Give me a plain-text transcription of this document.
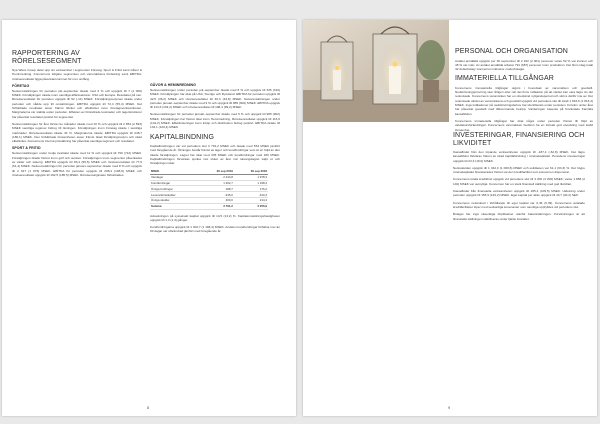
RAPPORTERING AV RÖRELSESEGMENT
Nya Wave Group delar upp sin verksamhet i segmenten Företag, Sport & Fritid samt Gåvor & Heminredning. Koncernens tidigare segmenten och varumärkena fördelning samt EBITDA, rörelseresultatet ligga påverkansrummet för mer omfång.
FÖRETAG
Nettoomsättningen för perioden juli–september ökade med 6 % och uppgick till 7 (1 000) MSEK. Försäljningen ökade inom samtliga affärssektorer. USA och Europa. Resultatet på mer. Rörelseresultatet för perioden uppgick till 52 (-14) MSEK. Försäljningsvolymen ökade under perioden och nådde upp till omsättningen. EBITDA uppgick till 72,4 (55,4) MSEK. Det förbättrade resultatet avser främst tillväxt och effektivitet inom företagsverksamheten. Marginalerna var stabila under perioden. Effekten av förändrade kostnader och lagerstrukturer har påverkat resultatet positivt för segmentet.
Nettoomsättningen för året första nio månader ökade med 10 % och uppgick till 2 854 (2 593) MSEK samtliga regioner bidrog till ökningen. Försäljningen inom Företag ökade i samtliga marknader. Rörelseresultatet ökade 34 %. Marginalerna ökade. EBITDA uppgick till 248,7 (180,1) MSEK. Den förbättrade lönsamheten avser främst ökad försäljningsvolym och ökad effektivitet. Koncernens interna prissättning har påverkat samtliga segment och resultatet.
SPORT & FRITID
Nettoomsättningen under tredje kvartalet ökade med 11 % och uppgick till 790 (712) MSEK. Försäljningen ökade främst inom golf och outdoor. Försäljningen inom segmentet påverkades av väder och säsong. EBITDA uppgick till 83,4 (56,5) MSEK och rörelseresultatet till 77,9 (61,4) MSEK. Nettoomsättningen för perioden januari–september ökade med 8 % och uppgick till 2 017 (1 876) MSEK. EBITDA för perioden uppgick till 208,4 (198,6) MSEK och rörelseresultatet uppgick till 192,5 (185,5) MSEK. Rörelsemarginalen förbättrades.
GÅVOR & HEMINREDNING
Nettoomsättningen under perioden juli–september ökade med 8 % och uppgick till 335 (310) MSEK. Försäljningen har ökat på USA, Sverige och Ryssland. EBITDA för perioden uppgick till 42,5 (36,2) MSEK och rörelseresultatet till 40,3 (34,8) MSEK. Nettoomsättningen under perioden januari–september ökade med 9 % och uppgick till 985 (902) MSEK. EBITDA uppgick till 113,6 (104,2) MSEK och rörelseresultatet till 108,4 (99,2) MSEK.
Nettoomsättningen för perioden januari–september ökade med 5 % och uppgick till 985 (902) MSEK. Försäljningen har främst ökat inom Heminredning. Rörelseresultatet uppgick till 113,6 (104,2) MSEK. Effektiviseringar inom inköp och distribution bidrog positivt. EBITDA ökade till 132,1 (120,4) MSEK.
KAPITALBINDNING
Kapitalbindningen var vid periodens slut 3 791,2 MSEK och ökade med 534 MSEK jämfört med föregående år. Ökningen består främst av lager och kundfordringar som är en följd av den ökade försäljningen. Lagret har ökat med 345 MSEK och kundfordringar med 180 MSEK. Kapitalbindningen förväntas sjunka mot slutet av året när säsongslagret säljs ut och försäljningen ökar.
MSEK	30 sep 2019	30 sep 2018
Varulager	2 244,8	1 978,3
Kundfordringar	1 302,7	1 198,4
Övriga fordringar	188,7	176,2
Leverantörsskulder	-345,0	-310,4
Övriga skulder	400,0	214,4
Summa	3 791,2	3 256,9
Avkastningen på sysselsatt kapital uppgick till 14,5 (13,2) %. Kapitalomsättningshastigheten uppgick till 1,3 (1,3) gånger.
Kundfordringarna uppgick till 1 302,7 (1 198,4) MSEK. Andelen kundfordringar förfallna mer än 60 dagar var oförändrad jämfört med föregående år.
8
INVESTERINGAR, FINANSIERING OCH LIKVIDITET
Kassaflödet från den löpande verksamheten uppgick till -187,4 (-62,8) MSEK. Det lägre kassaflödet förklaras främst av ökad kapitalbindning i rörelsekapitalet. Periodens investeringar uppgick till 23,3 (19,0) MSEK.
Nettoskulden uppgick till 1 342,0 (1 060,6) MSEK och soliditeten var 61,1 (63,3) %. Det högre rörelsekapitalet finansierades främst via den kreditfacilitet som koncernen disponerar.
Koncernens totala kreditlimit uppgick vid periodens slut till 3 200 (3 200) MSEK, varav 1 858 (2 140) MSEK var outnyttjat. Koncernen har en stark finansiell ställning med god likviditet.
Kassaflödet från finansiella verksamheten uppgick till 205,2 (109,5) MSEK. Utdelning under perioden uppgick till 165,9 (149,2) MSEK. Eget kapital per aktie uppgick till 43,7 (40,2) SEK.
Koncernens nettoskuld i förhållande till eget kapital var 0,46 (0,39). Koncernens avtalade kreditfaciliteter löper med sedvanliga kovenanter som samtliga uppfylldes vid periodens slut.
Bolaget har inga väsentliga förpliktelser utanför balansräkningen. Förväntningen är att finansiella ställningen stabiliseras under fjärde kvartalet.
9
PERSONAL OCH ORGANISATION
Antalet anställda uppgick per 30 september till 2 152 (2 061) personer varav 52 % var kvinnor och 48 % var män. Av antalet anställda arbetar 791 (687) personer inom produktion. Det finns idag totalt 42 dotterbolag i koncernen inklusive moderbolaget.
IMMATERIELLA TILLGÅNGAR
Koncernens immateriella tillgångar utgörs i huvudsak av varumärken och goodwill. Nedskrivningsprövning sker årligen eller när det finns indikation på att värdet kan vara lägre än det redovisade. Koncernens varumärken har en obestämd nyttjandeperiod och skrivs därför inte av. Det redovisade värdet av varumärkena och goodwill uppgick vid periodens slut till totalt 1 843,6 (1 816,4) MSEK. Inga indikationer på nedskrivningsbehov har identifierats under perioden. Förvärv under året har påverkat goodwill med tillkommande belopp. Värderingen baseras på förväntade framtida kassaflöden.
Koncernens immateriella tillgångar har ökat något under perioden främst till följd av valutakursförändringar. Koncernens varumärken bedöms ha en fortsatt god utveckling med stabil lönsamhet.
